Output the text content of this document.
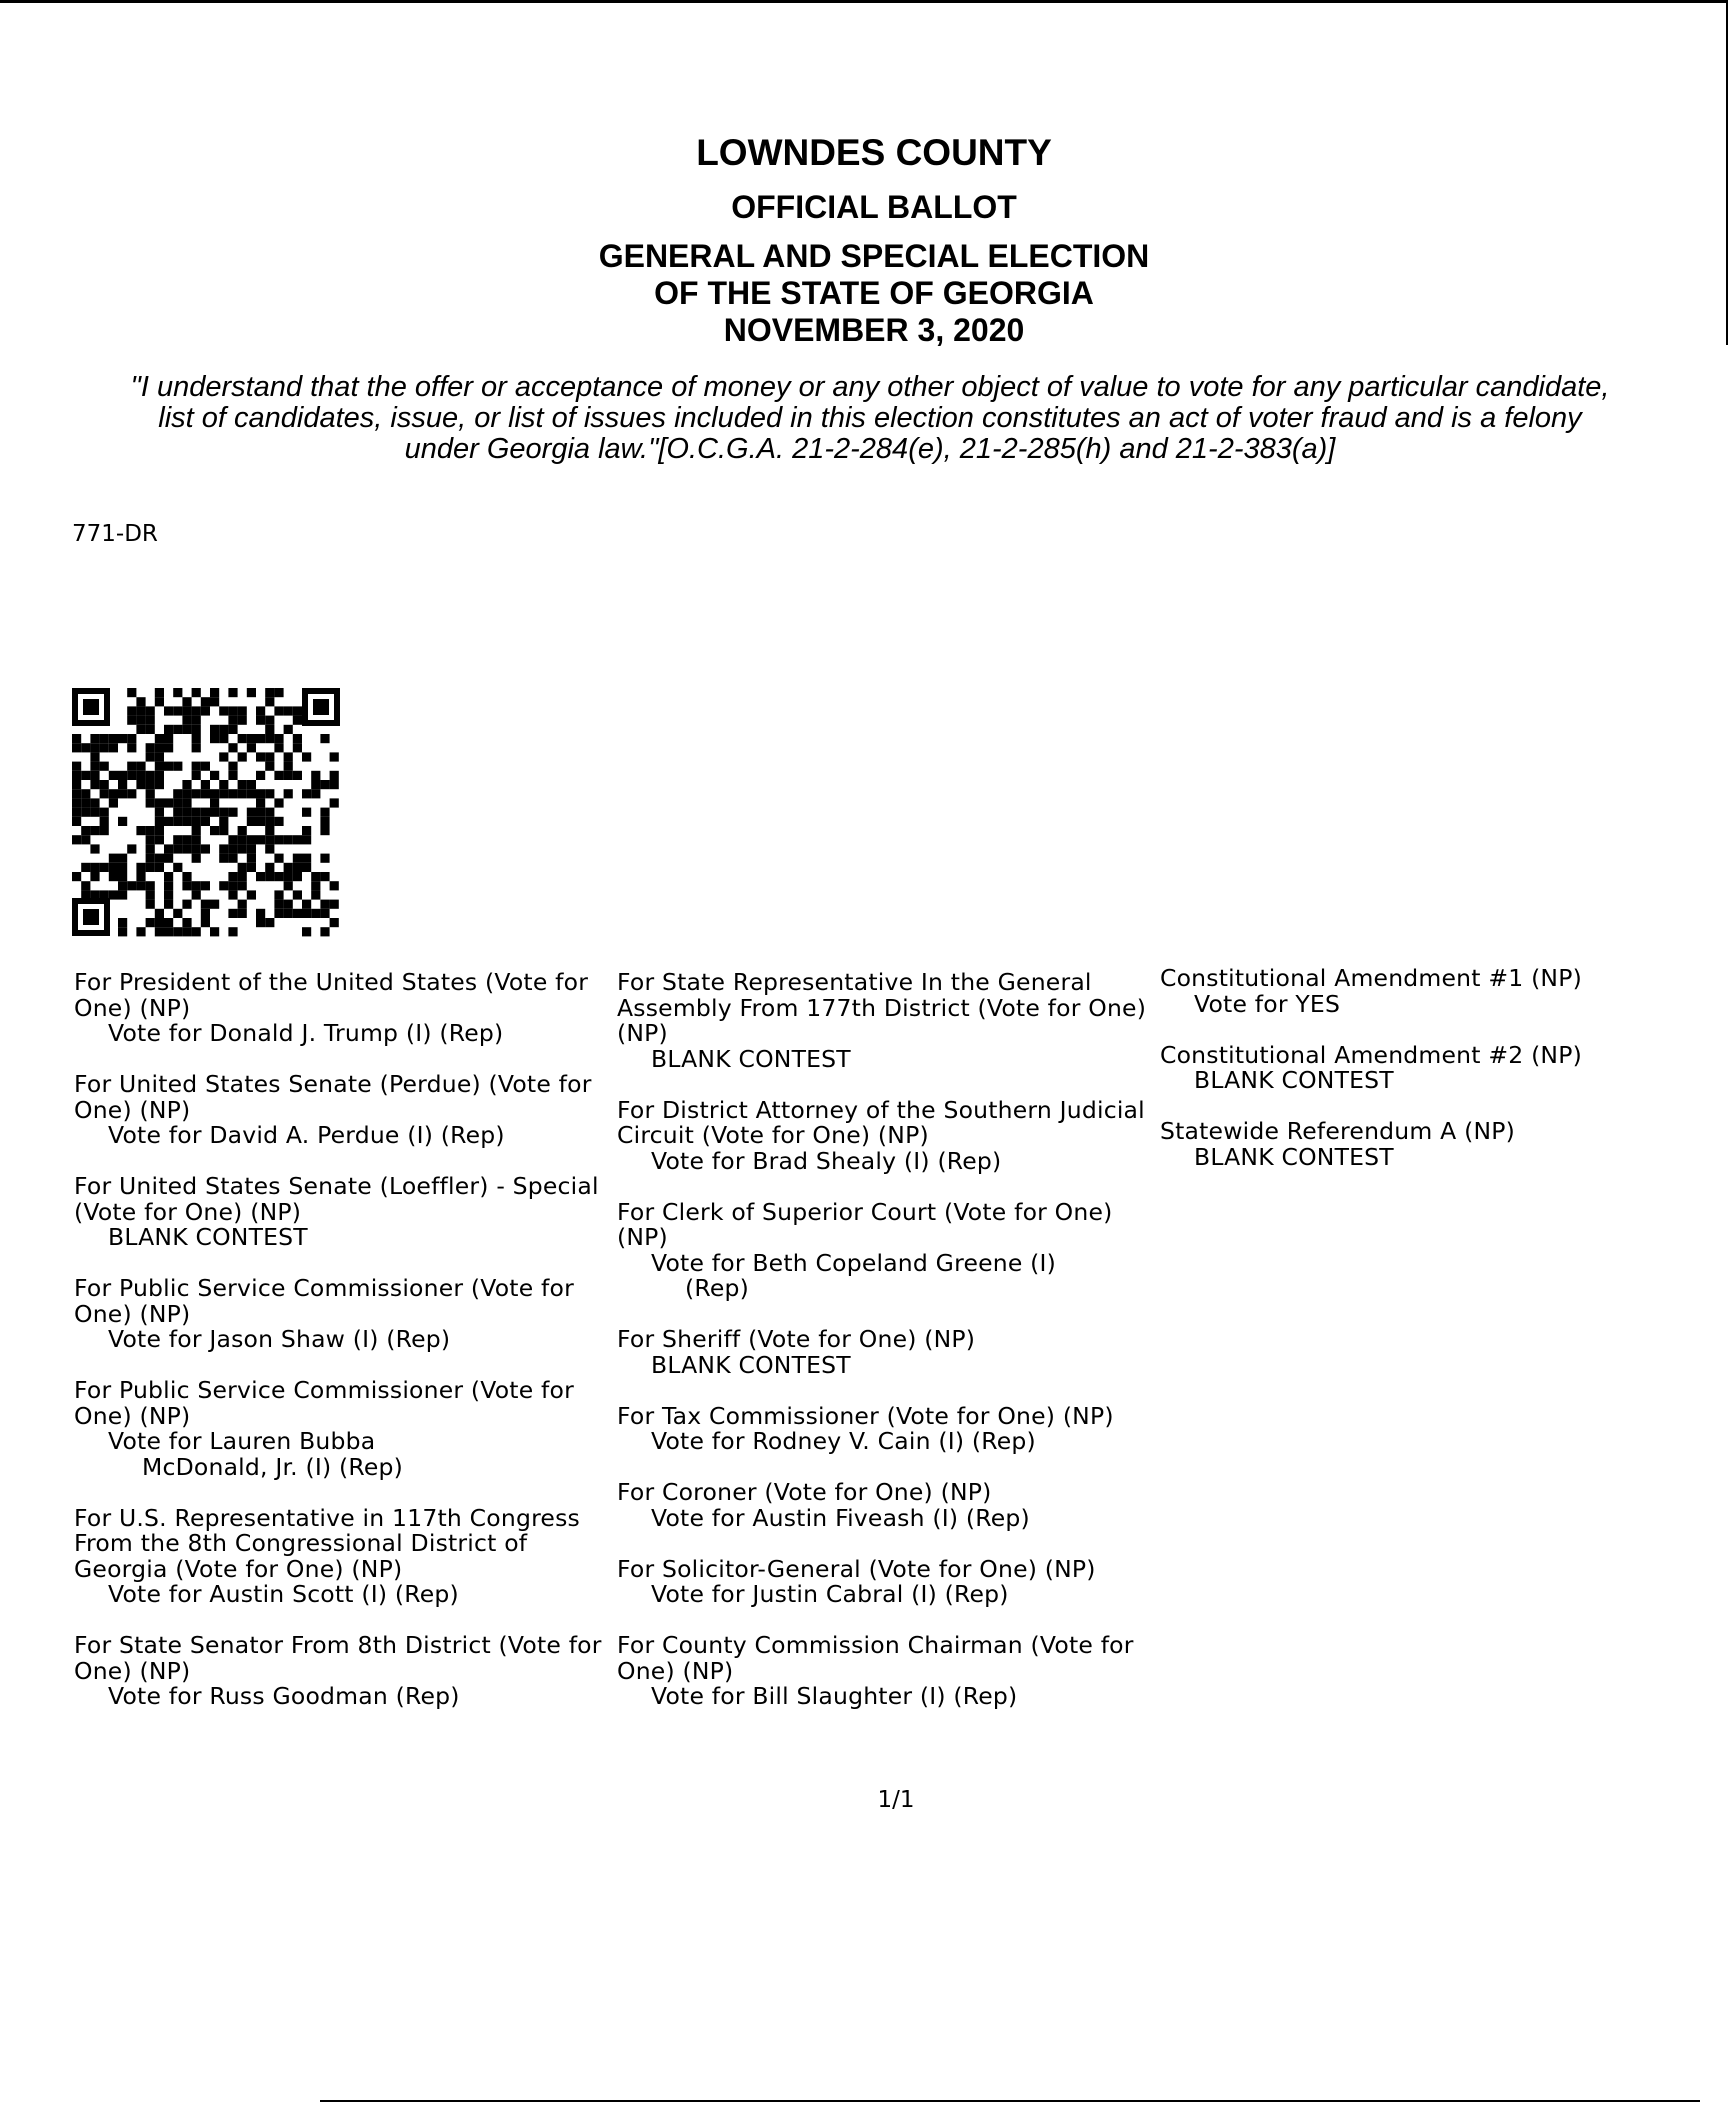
LOWNDES COUNTY
OFFICIAL BALLOT
GENERAL AND SPECIAL ELECTION
OF THE STATE OF GEORGIA
NOVEMBER 3, 2020
"I understand that the offer or acceptance of money or any other object of value to vote for any particular candidate,
list of candidates, issue, or list of issues included in this election constitutes an act of voter fraud and is a felony
under Georgia law."[O.C.G.A. 21-2-284(e), 21-2-285(h) and 21-2-383(a)]
771-DR
For President of the United States (Vote for One) (NP)
Vote for Donald J. Trump (I) (Rep)
For United States Senate (Perdue) (Vote for One) (NP)
Vote for David A. Perdue (I) (Rep)
For United States Senate (Loeffler) - Special (Vote for One) (NP)
BLANK CONTEST
For Public Service Commissioner (Vote for One) (NP)
Vote for Jason Shaw (I) (Rep)
For Public Service Commissioner (Vote for One) (NP)
Vote for Lauren Bubba
McDonald, Jr. (I) (Rep)
For U.S. Representative in 117th Congress From the 8th Congressional District of Georgia (Vote for One) (NP)
Vote for Austin Scott (I) (Rep)
For State Senator From 8th District (Vote for One) (NP)
Vote for Russ Goodman (Rep)
For State Representative In the General Assembly From 177th District (Vote for One) (NP)
BLANK CONTEST
For District Attorney of the Southern Judicial Circuit (Vote for One) (NP)
Vote for Brad Shealy (I) (Rep)
For Clerk of Superior Court (Vote for One) (NP)
Vote for Beth Copeland Greene (I)
(Rep)
For Sheriff (Vote for One) (NP)
BLANK CONTEST
For Tax Commissioner (Vote for One) (NP)
Vote for Rodney V. Cain (I) (Rep)
For Coroner (Vote for One) (NP)
Vote for Austin Fiveash (I) (Rep)
For Solicitor-General (Vote for One) (NP)
Vote for Justin Cabral (I) (Rep)
For County Commission Chairman (Vote for One) (NP)
Vote for Bill Slaughter (I) (Rep)
Constitutional Amendment #1 (NP)
Vote for YES
Constitutional Amendment #2 (NP)
BLANK CONTEST
Statewide Referendum A (NP)
BLANK CONTEST
1/1
